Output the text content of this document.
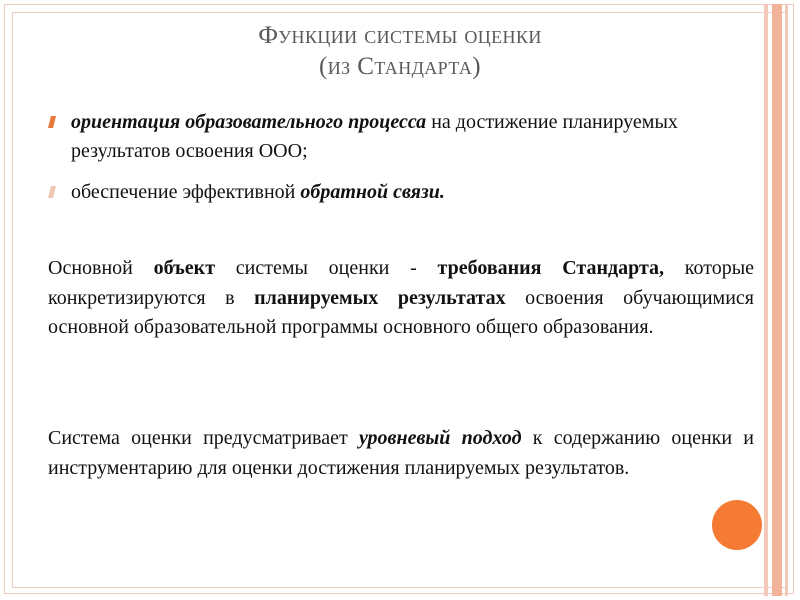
Функции системы оценки
(из Стандарта)
ориентация образовательного процесса на достижение планируемых результатов освоения ООО;
обеспечение эффективной обратной связи.
Основной объект системы оценки - требования Стандарта, которые конкретизируются в планируемых результатах освоения обучающимися основной образовательной программы основного общего образования.
Система оценки предусматривает уровневый подход к содержанию оценки и инструментарию для оценки достижения планируемых результатов.
